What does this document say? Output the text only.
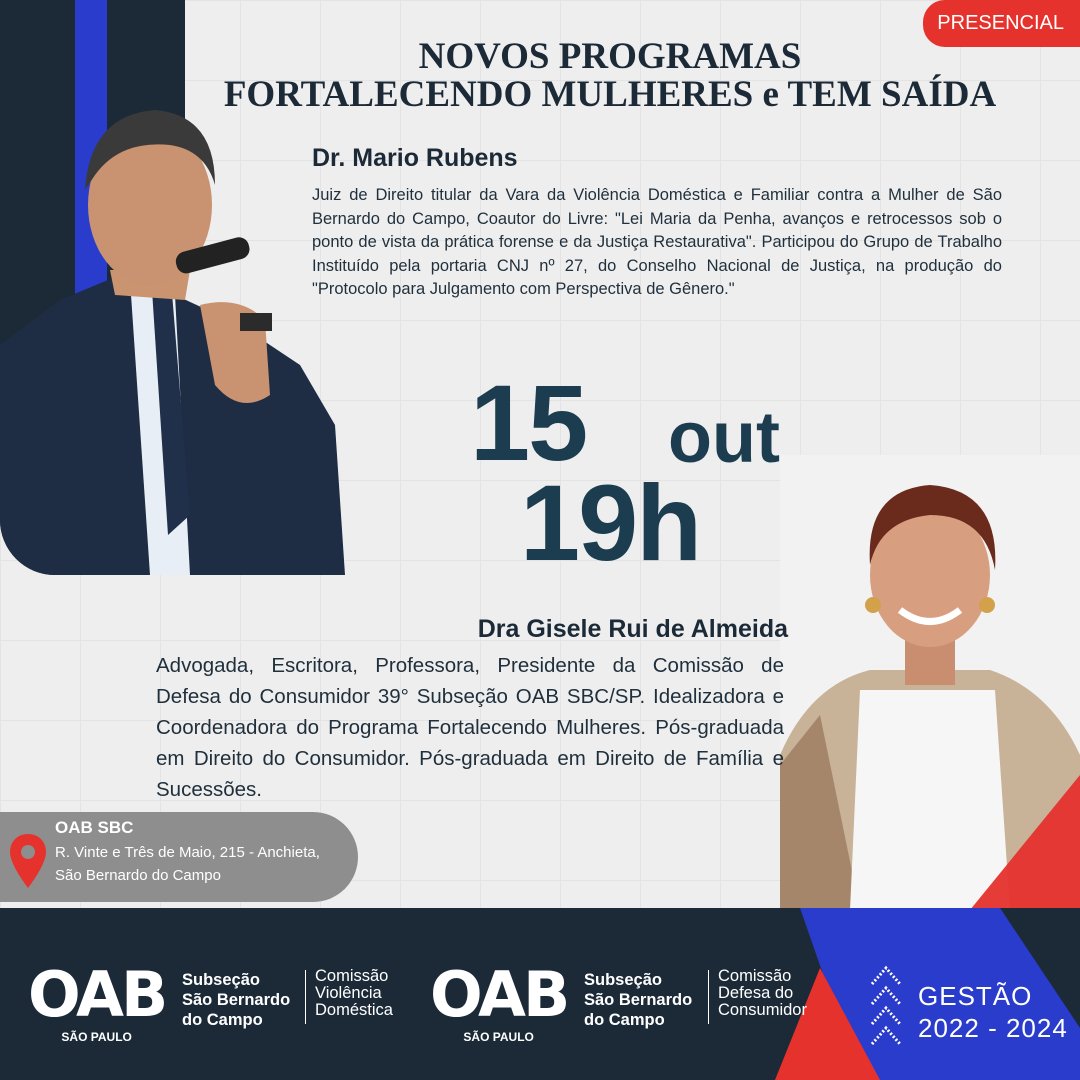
PRESENCIAL
NOVOS PROGRAMAS
FORTALECENDO MULHERES e TEM SAÍDA
Dr. Mario Rubens
Juiz de Direito titular da Vara da Violência Doméstica e Familiar contra a Mulher de São Bernardo do Campo, Coautor do Livre: "Lei Maria da Penha, avanços e retrocessos sob o ponto de vista da prática forense e da Justiça Restaurativa". Participou do Grupo de Trabalho Instituído pela portaria CNJ nº 27, do Conselho Nacional de Justiça, na produção do "Protocolo para Julgamento com Perspectiva de Gênero."
15 out
19h
Dra Gisele Rui de Almeida
Advogada, Escritora, Professora, Presidente da Comissão de Defesa do Consumidor 39° Subseção OAB SBC/SP. Idealizadora e Coordenadora do Programa Fortalecendo Mulheres. Pós-graduada em Direito do Consumidor. Pós-graduada em Direito de Família e Sucessões.
OAB SBC
R. Vinte e Três de Maio, 215 - Anchieta,
São Bernardo do Campo
OAB
SÃO PAULO
Subseção
São Bernardo
do Campo
Comissão
Violência
Doméstica OAB
SÃO PAULO
Subseção
São Bernardo
do Campo
Comissão
Defesa do
Consumidor	GESTÃO
2022 - 2024
